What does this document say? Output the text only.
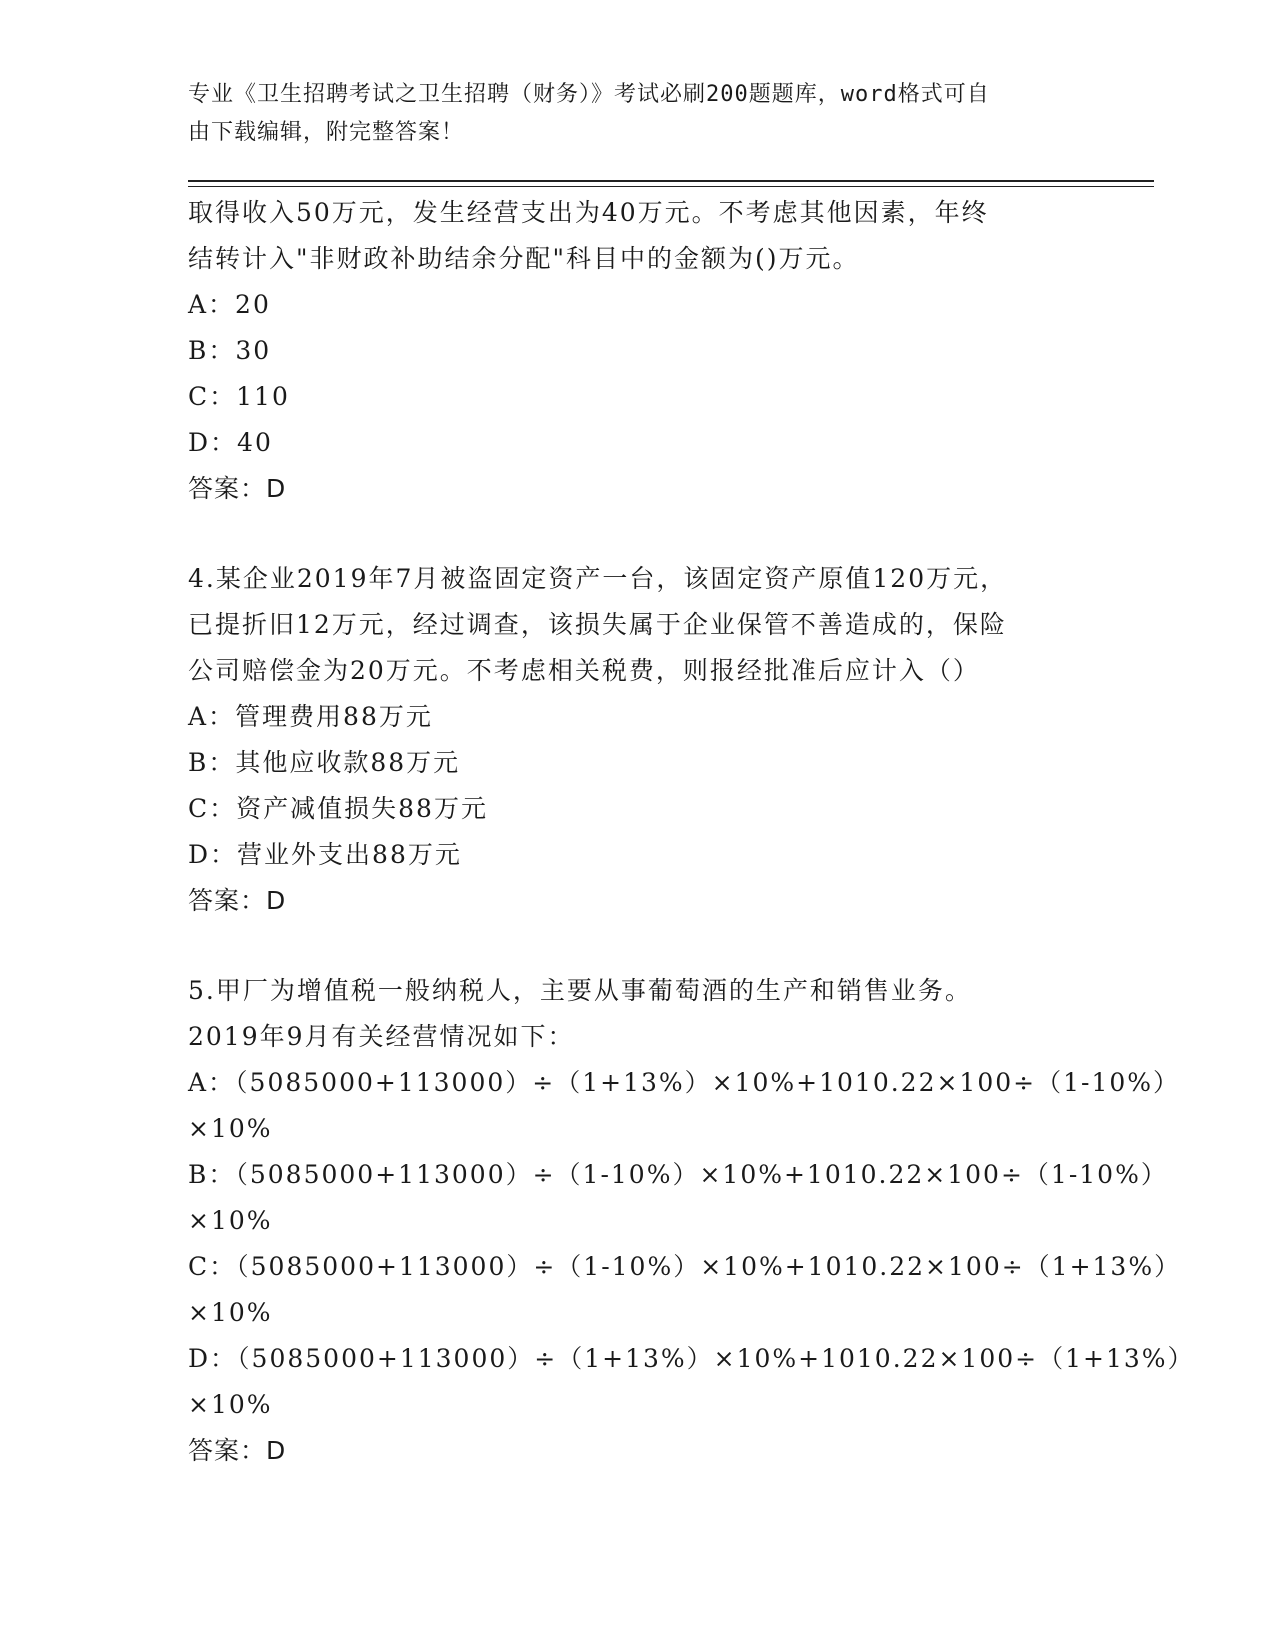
专业《卫生招聘考试之卫生招聘（财务）》考试必刷200题题库，word格式可自
由下载编辑，附完整答案！
取得收入50万元，发生经营支出为40万元。不考虑其他因素，年终
结转计入"非财政补助结余分配"科目中的金额为()万元。
A：20
B：30
C：110
D：40
答案：D
4.某企业2019年7月被盗固定资产一台，该固定资产原值120万元，
已提折旧12万元，经过调查，该损失属于企业保管不善造成的，保险
公司赔偿金为20万元。不考虑相关税费，则报经批准后应计入（）
A：管理费用88万元
B：其他应收款88万元
C：资产减值损失88万元
D：营业外支出88万元
答案：D
5.甲厂为增值税一般纳税人，主要从事葡萄酒的生产和销售业务。
2019年9月有关经营情况如下：
A：（5085000+113000）÷（1+13%）×10%+1010.22×100÷（1-10%）
×10%
B：（5085000+113000）÷（1-10%）×10%+1010.22×100÷（1-10%）
×10%
C：（5085000+113000）÷（1-10%）×10%+1010.22×100÷（1+13%）
×10%
D：（5085000+113000）÷（1+13%）×10%+1010.22×100÷（1+13%）
×10%
答案：D
